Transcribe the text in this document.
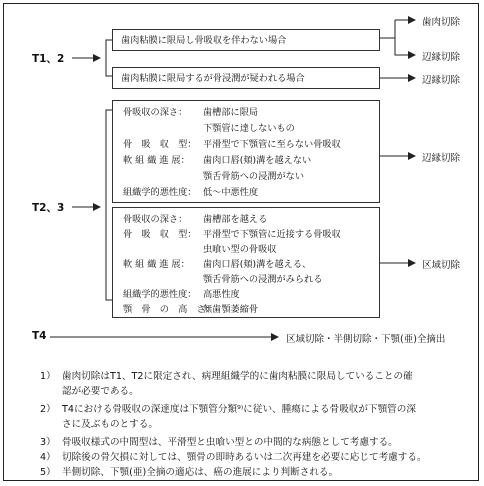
T1、2
T2、3
T4
歯肉粘膜に限局し骨吸収を伴わない場合
歯肉粘膜に限局するが骨浸潤が疑われる場合
歯肉切除
辺縁切除
辺縁切除
骨吸収の深さ： 歯槽部に限局
下顎管に達しないもの
骨　吸　収　型： 平滑型で下顎管に至らない骨吸収
軟 組 織 進 展： 歯肉口唇(頬)溝を越えない
顎舌骨筋への浸潤がない
組織学的悪性度： 低～中悪性度
辺縁切除
骨吸収の深さ： 歯槽部を越える
骨　吸　収　型： 平滑型で下顎管に近接する骨吸収
虫喰い型の骨吸収
軟 組 織 進 展： 歯肉口唇(頬)溝を越える、
顎舌骨筋への浸潤がみられる
組織学的悪性度： 高悪性度
顎　骨　の　高　さ：
無歯顎萎縮骨
区域切除
区域切除・半側切除・下顎(亜)全摘出
1） 歯肉切除はT1、T2に限定され、病理組織学的に歯肉粘膜に限局していることの確
認が必要である。
2） T4における骨吸収の深達度は下顎管分類⁹⁾に従い、腫瘍による骨吸収が下顎管の深
さに及ぶものとする。
3） 骨吸収様式の中間型は、平滑型と虫喰い型との中間的な病態として考慮する。
4） 切除後の骨欠損に対しては、顎骨の即時あるいは二次再建を必要に応じて考慮する。
5） 半側切除、下顎(亜)全摘の適応は、癌の進展により判断される。
